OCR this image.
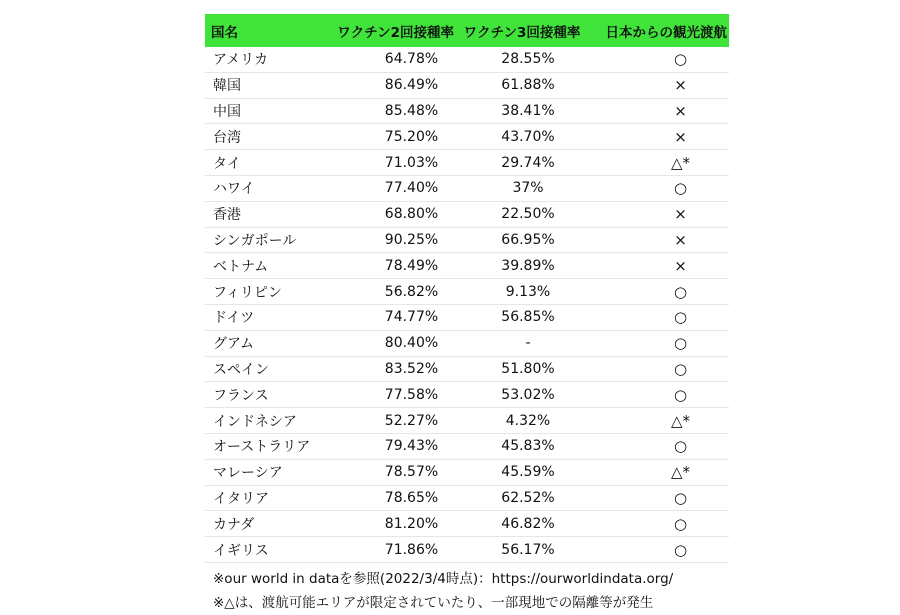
国名	ワクチン2回接種率	ワクチン3回接種率	日本からの観光渡航
アメリカ	64.78%	28.55%	○
韓国	86.49%	61.88%	×
中国	85.48%	38.41%	×
台湾	75.20%	43.70%	×
タイ	71.03%	29.74%	△*
ハワイ	77.40%	37%	○
香港	68.80%	22.50%	×
シンガポール	90.25%	66.95%	×
ベトナム	78.49%	39.89%	×
フィリピン	56.82%	9.13%	○
ドイツ	74.77%	56.85%	○
グアム	80.40%	-	○
スペイン	83.52%	51.80%	○
フランス	77.58%	53.02%	○
インドネシア	52.27%	4.32%	△*
オーストラリア	79.43%	45.83%	○
マレーシア	78.57%	45.59%	△*
イタリア	78.65%	62.52%	○
カナダ	81.20%	46.82%	○
イギリス	71.86%	56.17%	○
※our world in dataを参照(2022/3/4時点)：https://ourworldindata.org/
※△は、渡航可能エリアが限定されていたり、一部現地での隔離等が発生
